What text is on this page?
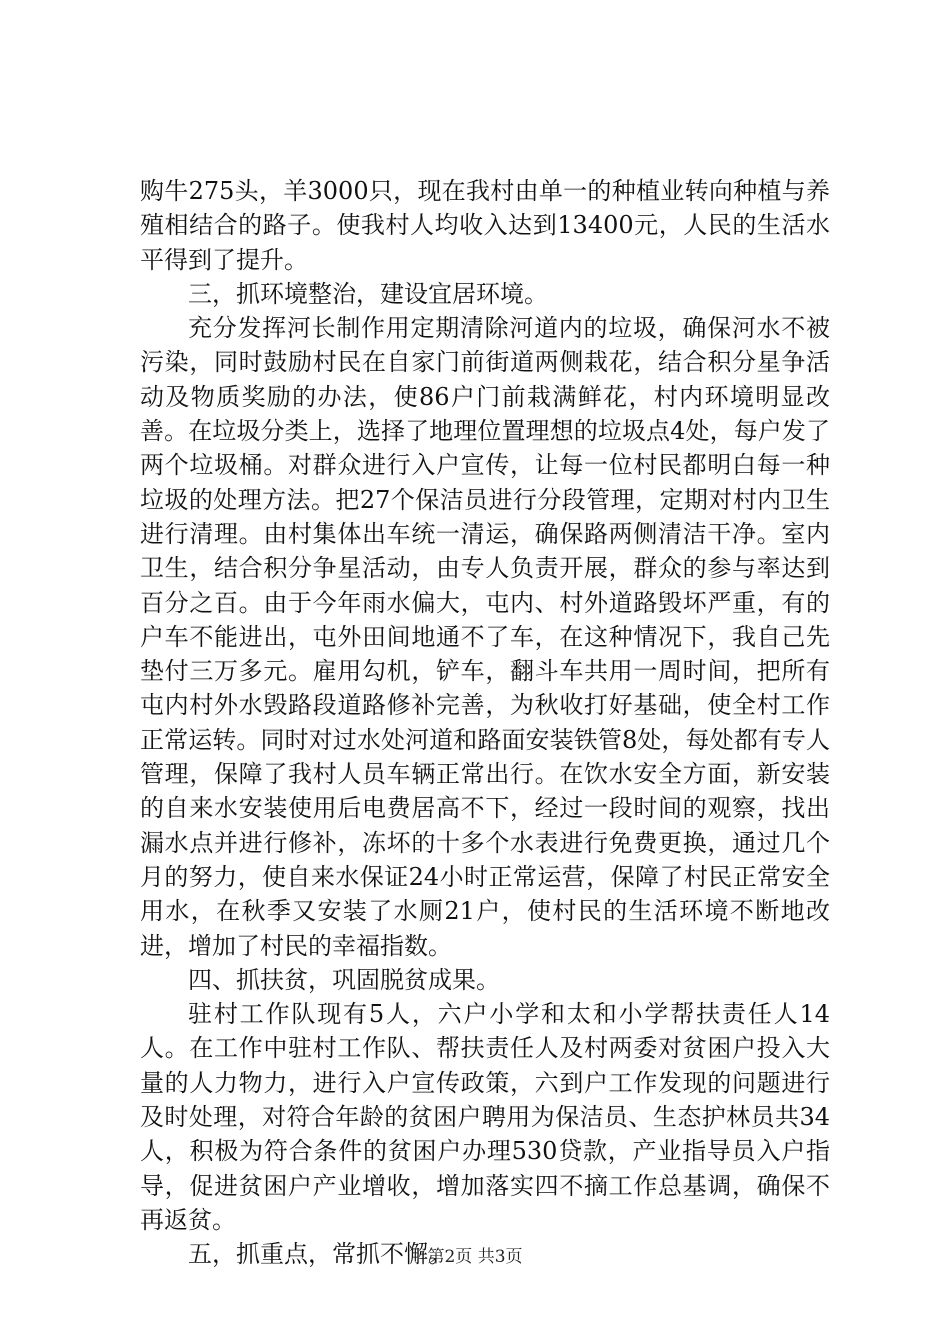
购牛275头，羊3000只，现在我村由单一的种植业转向种植与养殖相结合的路子。使我村人均收入达到13400元，人民的生活水平得到了提升。

三，抓环境整治，建设宜居环境。

充分发挥河长制作用定期清除河道内的垃圾，确保河水不被污染，同时鼓励村民在自家门前街道两侧栽花，结合积分星争活动及物质奖励的办法，使86户门前栽满鲜花，村内环境明显改善。在垃圾分类上，选择了地理位置理想的垃圾点4处，每户发了两个垃圾桶。对群众进行入户宣传，让每一位村民都明白每一种垃圾的处理方法。把27个保洁员进行分段管理，定期对村内卫生进行清理。由村集体出车统一清运，确保路两侧清洁干净。室内卫生，结合积分争星活动，由专人负责开展，群众的参与率达到百分之百。由于今年雨水偏大，屯内、村外道路毁坏严重，有的户车不能进出，屯外田间地通不了车，在这种情况下，我自己先垫付三万多元。雇用勾机，铲车，翻斗车共用一周时间，把所有屯内村外水毁路段道路修补完善，为秋收打好基础，使全村工作正常运转。同时对过水处河道和路面安装铁管8处，每处都有专人管理，保障了我村人员车辆正常出行。在饮水安全方面，新安装的自来水安装使用后电费居高不下，经过一段时间的观察，找出漏水点并进行修补，冻坏的十多个水表进行免费更换，通过几个月的努力，使自来水保证24小时正常运营，保障了村民正常安全用水，在秋季又安装了水厕21户，使村民的生活环境不断地改进，增加了村民的幸福指数。

四、抓扶贫，巩固脱贫成果。

驻村工作队现有5人，六户小学和太和小学帮扶责任人14人。在工作中驻村工作队、帮扶责任人及村两委对贫困户投入大量的人力物力，进行入户宣传政策，六到户工作发现的问题进行及时处理，对符合年龄的贫困户聘用为保洁员、生态护林员共34人，积极为符合条件的贫困户办理530贷款，产业指导员入户指导，促进贫困户产业增收，增加落实四不摘工作总基调，确保不再返贫。

五，抓重点，常抓不懈。

第2页 共3页
